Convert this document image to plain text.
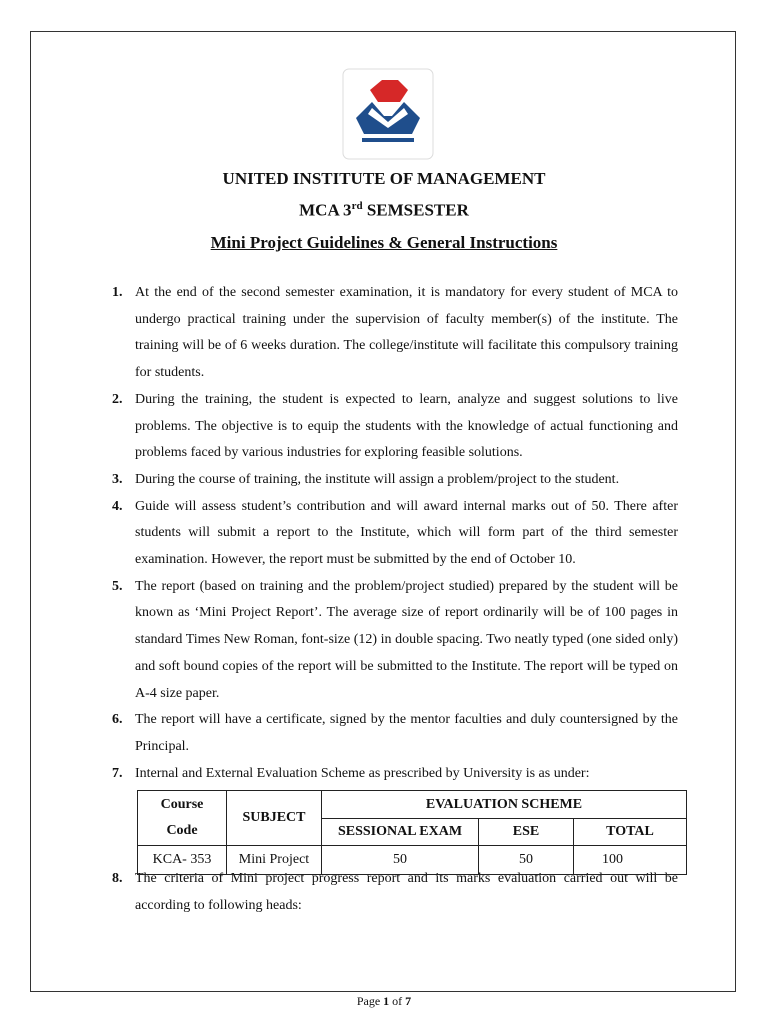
UNITED INSTITUTE OF MANAGEMENT
MCA 3rd SEMSESTER
Mini Project Guidelines & General Instructions
1. At the end of the second semester examination, it is mandatory for every student of MCA to undergo practical training under the supervision of faculty member(s) of the institute. The training will be of 6 weeks duration. The college/institute will facilitate this compulsory training for students.
2. During the training, the student is expected to learn, analyze and suggest solutions to live problems. The objective is to equip the students with the knowledge of actual functioning and problems faced by various industries for exploring feasible solutions.
3. During the course of training, the institute will assign a problem/project to the student.
4. Guide will assess student’s contribution and will award internal marks out of 50. There after students will submit a report to the Institute, which will form part of the third semester examination. However, the report must be submitted by the end of October 10.
5. The report (based on training and the problem/project studied) prepared by the student will be known as ‘Mini Project Report’. The average size of report ordinarily will be of 100 pages in standard Times New Roman, font-size (12) in double spacing. Two neatly typed (one sided only) and soft bound copies of the report will be submitted to the Institute. The report will be typed on A-4 size paper.
6. The report will have a certificate, signed by the mentor faculties and duly countersigned by the Principal.
7. Internal and External Evaluation Scheme as prescribed by University is as under:
8. The criteria of Mini project progress report and its marks evaluation carried out will be according to following heads:
Course
Code	SUBJECT	EVALUATION SCHEME		
		SESSIONAL EXAM	ESE	TOTAL
KCA- 353	Mini Project	50	50	100
Page 1 of 7
